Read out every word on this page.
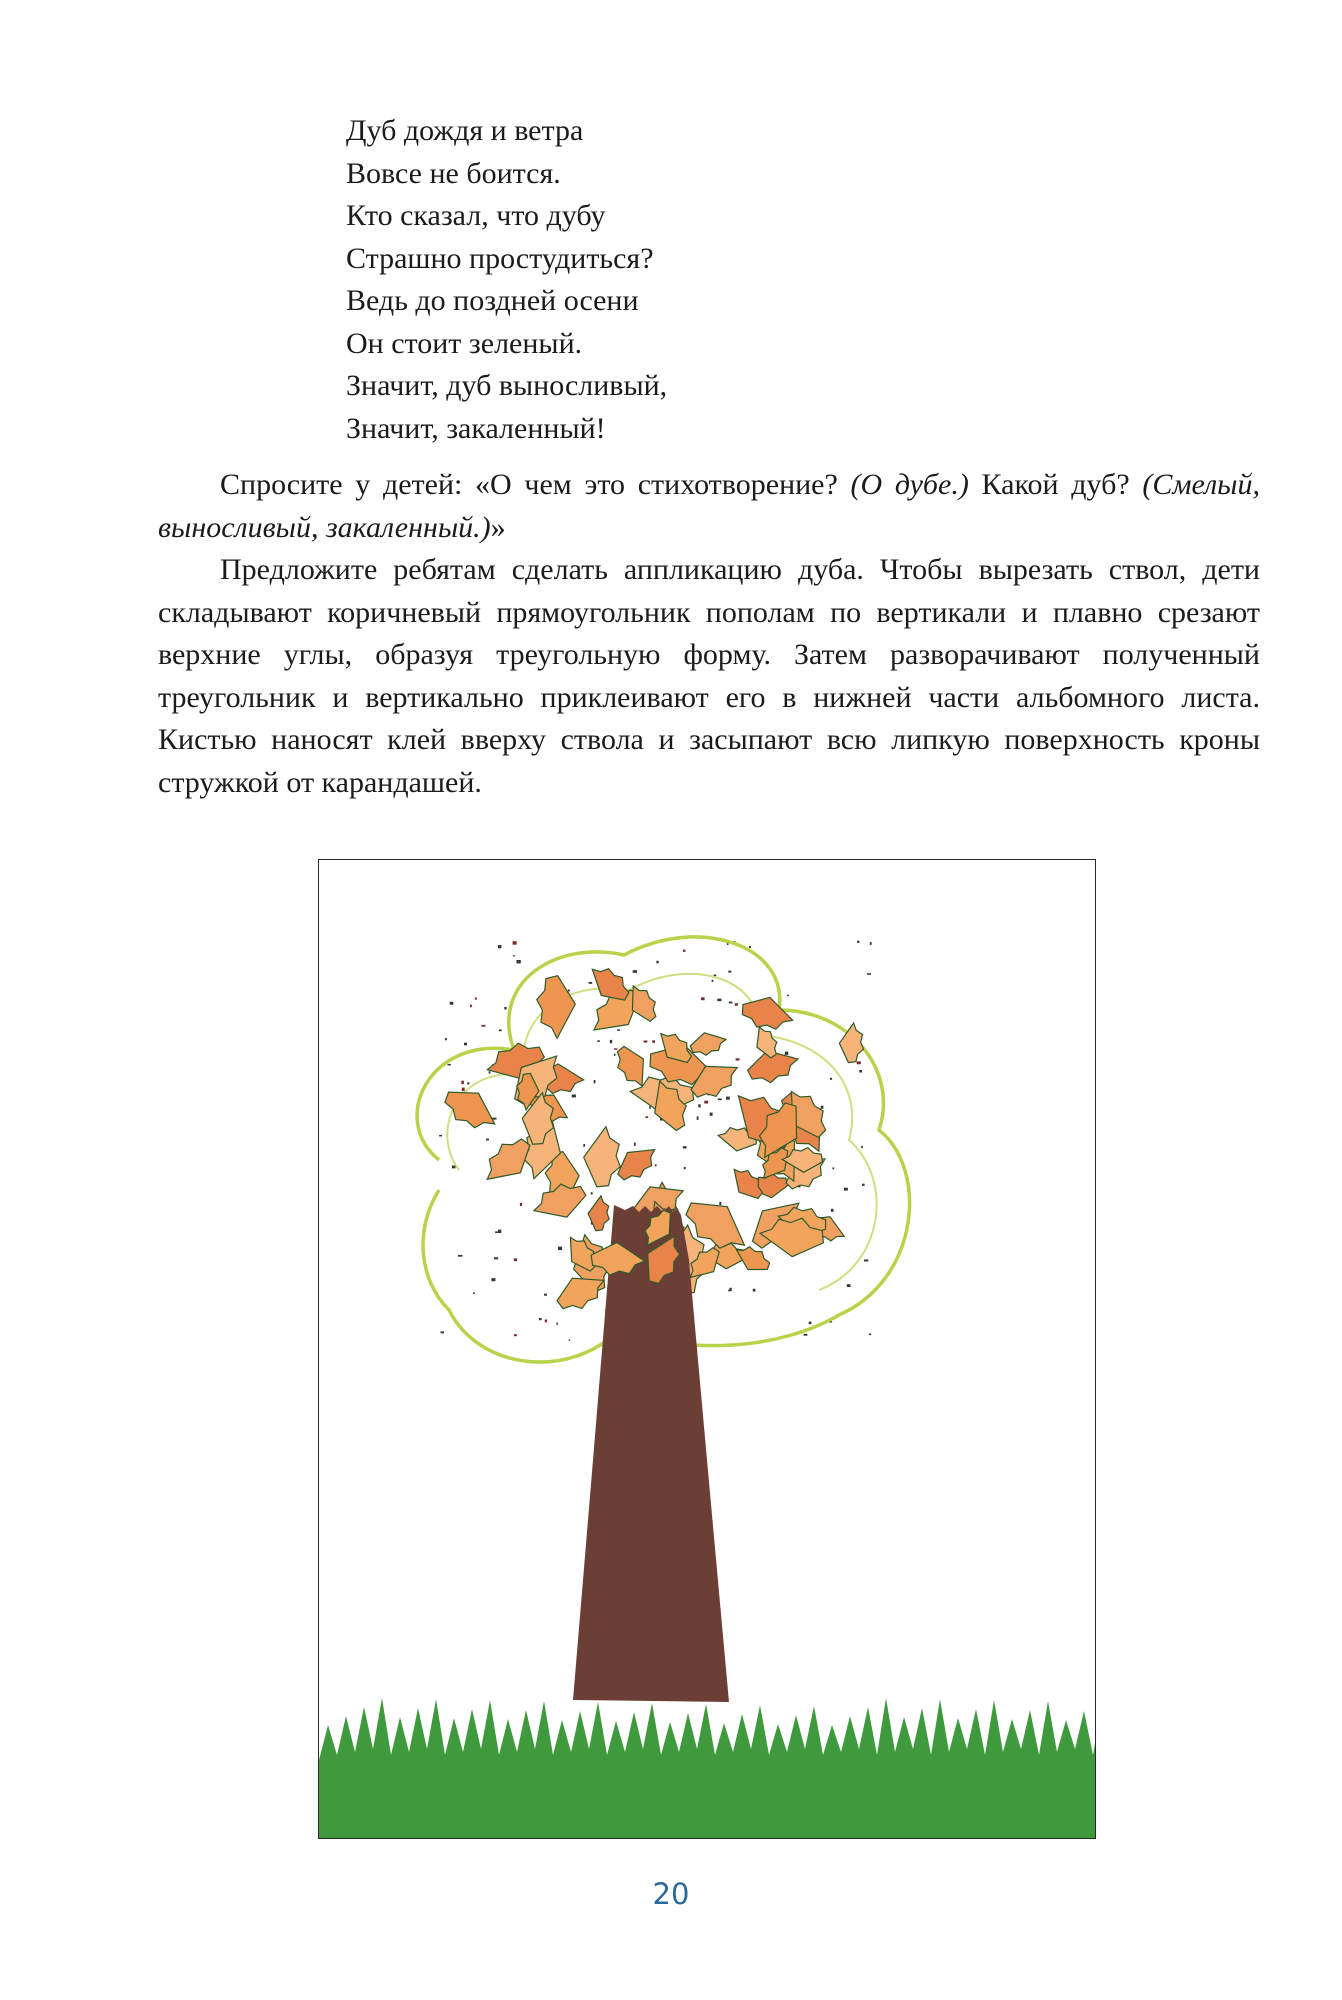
Дуб дождя и ветра
Вовсе не боится.
Кто сказал, что дубу
Страшно простудиться?
Ведь до поздней осени
Он стоит зеленый.
Значит, дуб выносливый,
Значит, закаленный!

Спросите у детей: «О чем это стихотворение? (О дубе.) Какой дуб? (Смелый, выносливый, закаленный.)»

Предложите ребятам сделать аппликацию дуба. Чтобы вырезать ствол, дети складывают коричневый прямоугольник пополам по вертикали и плавно срезают верхние углы, образуя треугольную форму. Затем разворачивают полученный треугольник и вертикально приклеивают его в нижней части альбомного листа. Кистью наносят клей вверху ствола и засыпают всю липкую поверхность кроны стружкой от карандашей.

20
